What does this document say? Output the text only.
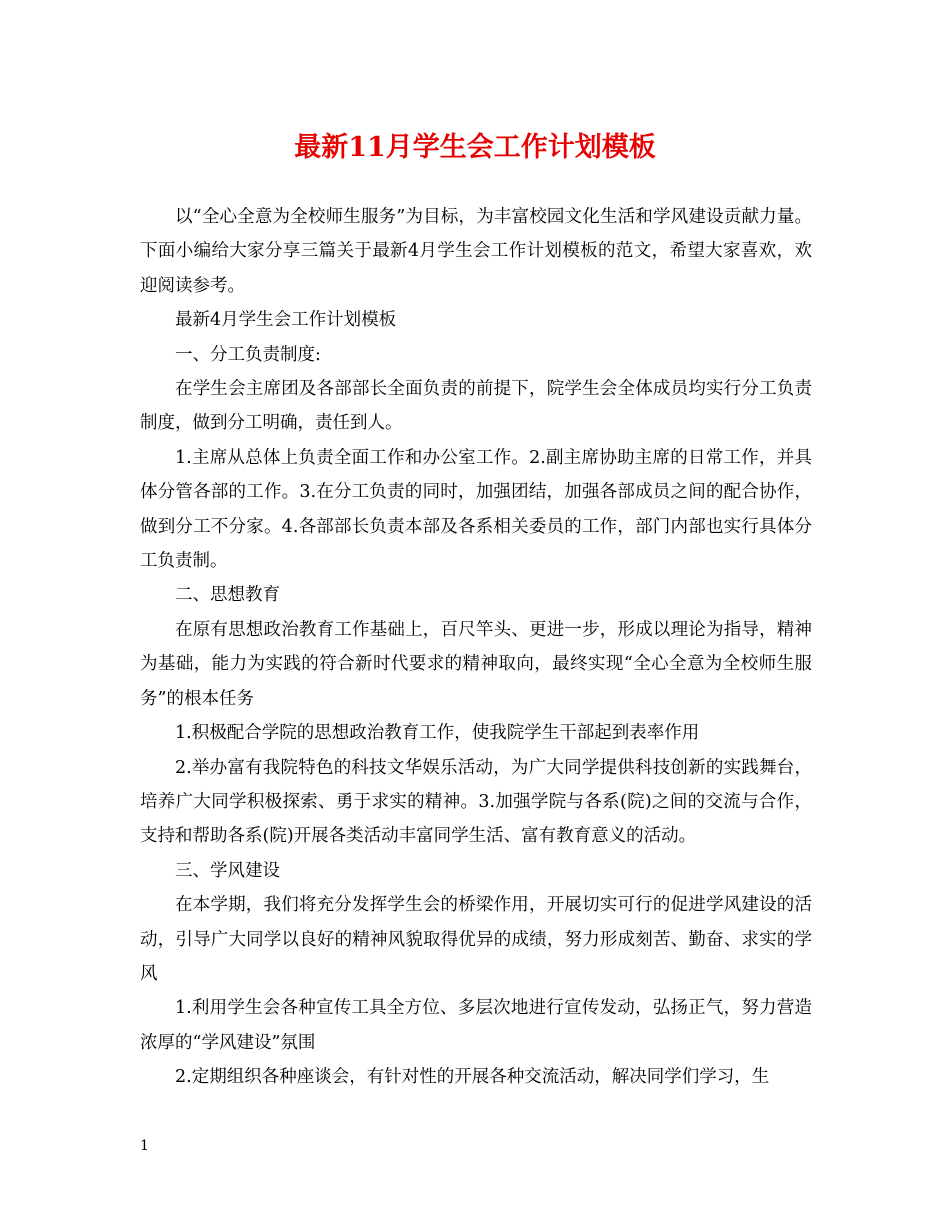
最新11月学生会工作计划模板

以“全心全意为全校师生服务”为目标，为丰富校园文化生活和学风建设贡献力量。下面小编给大家分享三篇关于最新4月学生会工作计划模板的范文，希望大家喜欢，欢迎阅读参考。

最新4月学生会工作计划模板

一、分工负责制度:

在学生会主席团及各部部长全面负责的前提下，院学生会全体成员均实行分工负责制度，做到分工明确，责任到人。

1.主席从总体上负责全面工作和办公室工作。2.副主席协助主席的日常工作，并具体分管各部的工作。3.在分工负责的同时，加强团结，加强各部成员之间的配合协作，做到分工不分家。4.各部部长负责本部及各系相关委员的工作，部门内部也实行具体分工负责制。

二、思想教育

在原有思想政治教育工作基础上，百尺竿头、更进一步，形成以理论为指导，精神为基础，能力为实践的符合新时代要求的精神取向，最终实现“全心全意为全校师生服务”的根本任务

1.积极配合学院的思想政治教育工作，使我院学生干部起到表率作用

2.举办富有我院特色的科技文华娱乐活动，为广大同学提供科技创新的实践舞台，培养广大同学积极探索、勇于求实的精神。3.加强学院与各系(院)之间的交流与合作，支持和帮助各系(院)开展各类活动丰富同学生活、富有教育意义的活动。

三、学风建设

在本学期，我们将充分发挥学生会的桥梁作用，开展切实可行的促进学风建设的活动，引导广大同学以良好的精神风貌取得优异的成绩，努力形成刻苦、勤奋、求实的学风

1.利用学生会各种宣传工具全方位、多层次地进行宣传发动，弘扬正气，努力营造浓厚的“学风建设”氛围

2.定期组织各种座谈会，有针对性的开展各种交流活动，解决同学们学习，生

1
